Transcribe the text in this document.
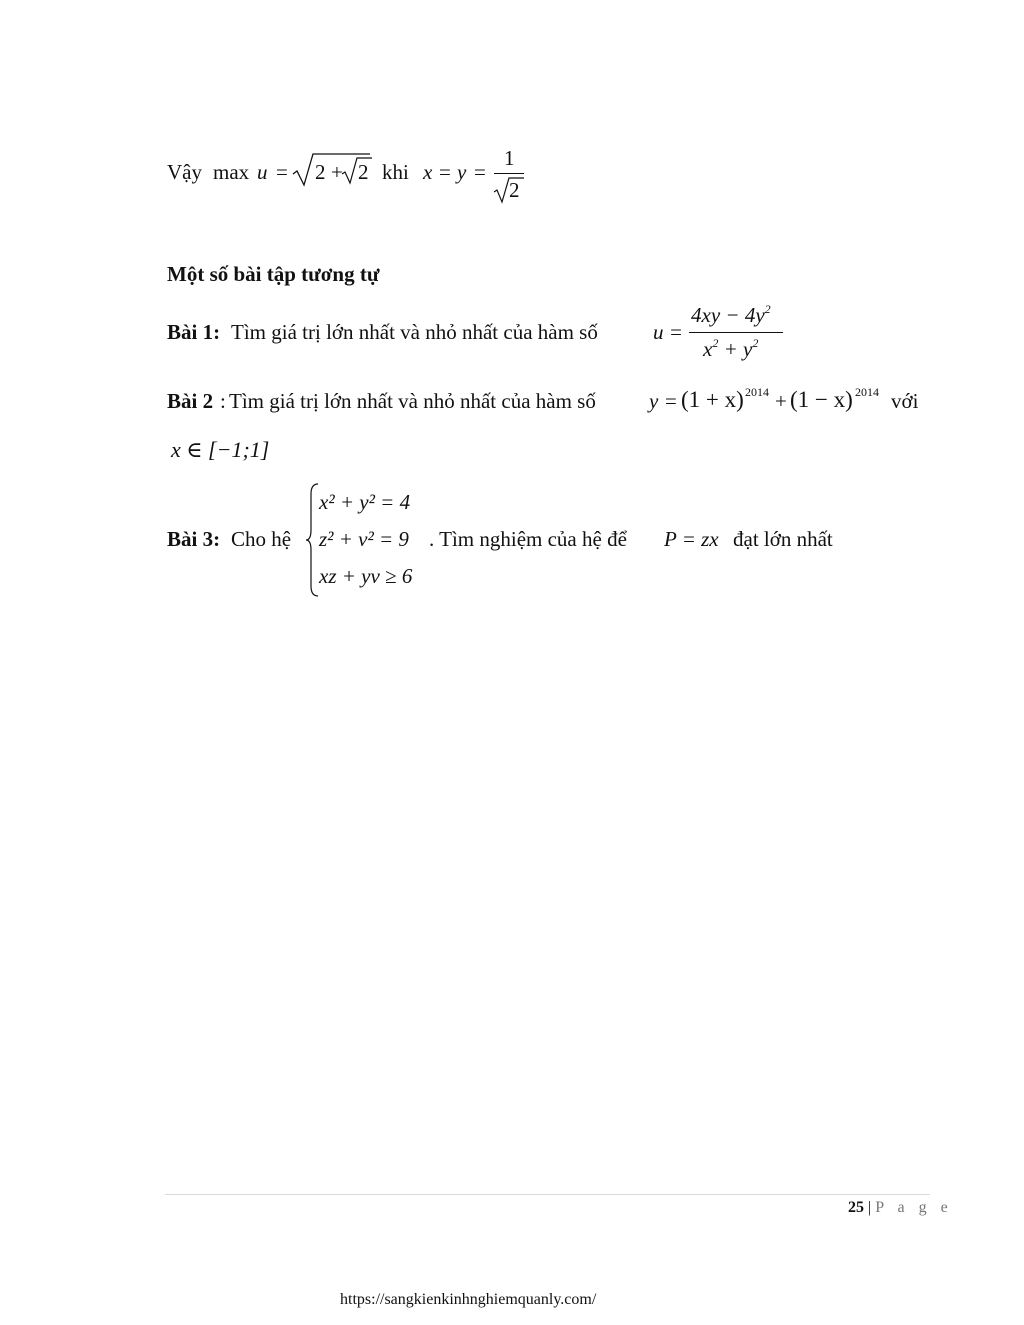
Vậy max u = 2 + 2 khi x = y =
1
2
Một số bài tập tương tự
Bài 1: Tìm giá trị lớn nhất và nhỏ nhất của hàm số	u =
$4xy - 4y^2$
$x^2 + y^2$
Bài 2 : Tìm giá trị lớn nhất và nhỏ nhất của hàm số	y = (1 + x) 2014 + (1 − x) 2014 với
x ∈ [−1;1]
Bài 3: Cho hệ
x² + y² = 4
z² + v² = 9
xz + yv ≥ 6
. Tìm nghiệm của hệ để P = zx đạt lớn nhất
25 | P a g e
https://sangkienkinhnghiemquanly.com/
